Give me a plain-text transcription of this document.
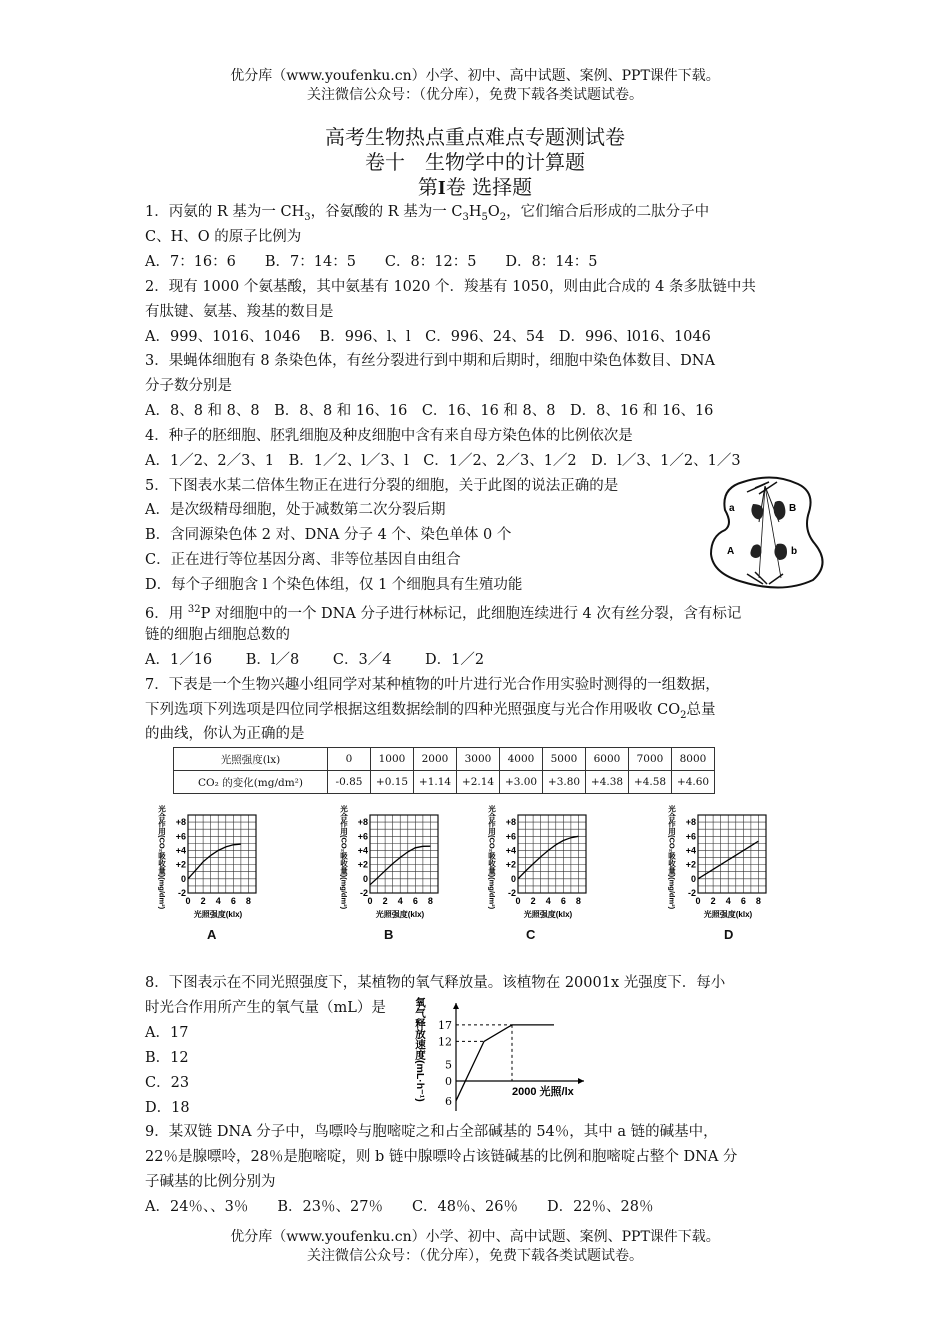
优分库（www.youfenku.cn）小学、初中、高中试题、案例、PPT课件下载。
关注微信公众号：（优分库），免费下载各类试题试卷。
高考生物热点重点难点专题测试卷
卷十　生物学中的计算题
第I卷 选择题
1．丙氨的 R 基为一 $CH_3$，谷氨酸的 R 基为一 $C_3H_5O_2$，它们缩合后形成的二肽分子中
C、H、O 的原子比例为
A．7：16：6　　B．7：14：5　　C．8：12：5　　D．8：14：5
2．现有 1000 个氨基酸，其中氨基有 1020 个．羧基有 1050，则由此合成的 4 条多肽链中共
有肽键、氨基、羧基的数目是
A．999、1016、1046　 B．996、l、l　C．996、24、54　D．996、l016、1046
3．果蝇体细胞有 8 条染色体，有丝分裂进行到中期和后期时，细胞中染色体数目、DNA
分子数分别是
A．8、8 和 8、8　B．8、8 和 16、16　C．16、16 和 8、8　D．8、16 和 16、16
4．种子的胚细胞、胚乳细胞及种皮细胞中含有来自母方染色体的比例依次是
A．1／2、2／3、1　B．1／2、l／3、l　C．1／2、2／3、1／2　D．l／3、1／2、1／3
5．下图表水某二倍体生物正在进行分裂的细胞，关于此图的说法正确的是
A．是次级精母细胞，处于减数第二次分裂后期
B．含同源染色体 2 对、DNA 分子 4 个、染色单体 0 个
C．正在进行等位基因分离、非等位基因自由组合
D．每个子细胞含 l 个染色体组，仅 1 个细胞具有生殖功能
a	B
A	b
6．用 $^{32}$P 对细胞中的一个 DNA 分子进行林标记，此细胞连续进行 4 次有丝分裂，含有标记
链的细胞占细胞总数的
A．1／16　　 B．l／8　　 C．3／4　　 D．1／2
7．下表是一个生物兴趣小组同学对某种植物的叶片进行光合作用实验时测得的一组数据，
下列选项下列选项是四位同学根据这组数据绘制的四种光照强度与光合作用吸收 $CO_2$总量
的曲线，你认为正确的是
光照强度(lx)	0	1000	2000	3000	4000	5000	6000	7000	8000
CO₂ 的变化(mg/dm²)	-0.85	+0.15	+1.14	+2.14	+3.00	+3.80	+4.38	+4.58	+4.60
+8
+6
+4
+2
0
-2
0 2 4 6 8
光照强度(klx)
光合作用(CO₂吸收量)(mg/dm²)	+8
+6
+4
+2
0
-2
0 2 4 6 8
光照强度(klx)
光合作用(CO₂吸收量)(mg/dm²)	+8
+6
+4
+2
0
-2
0 2 4 6 8
光照强度(klx)
光合作用(CO₂吸收量)(mg/dm²)	+8
+6
+4
+2
0
-2
0 2 4 6 8
光照强度(klx)
光合作用(CO₂吸收量)(mg/dm²)
A	B	C	D
8．下图表示在不同光照强度下，某植物的氧气释放量。该植物在 20001x 光强度下．每小
时光合作用所产生的氧气量（mL）是
A．17
B．12
C．23
D．18
17
12
5
0
6
2000 光照/lx
氧气释放速度(mL·h⁻¹)
9．某双链 DNA 分子中，鸟嘌呤与胞嘧啶之和占全部碱基的 54％，其中 a 链的碱基中，
22％是腺嘌呤，28％是胞嘧啶，则 b 链中腺嘌呤占该链碱基的比例和胞嘧啶占整个 DNA 分
子碱基的比例分别为
A．24％、、3％　　B．23％、27％　　C．48％、26％　　D．22％、28％
优分库（www.youfenku.cn）小学、初中、高中试题、案例、PPT课件下载。
关注微信公众号：（优分库），免费下载各类试题试卷。
